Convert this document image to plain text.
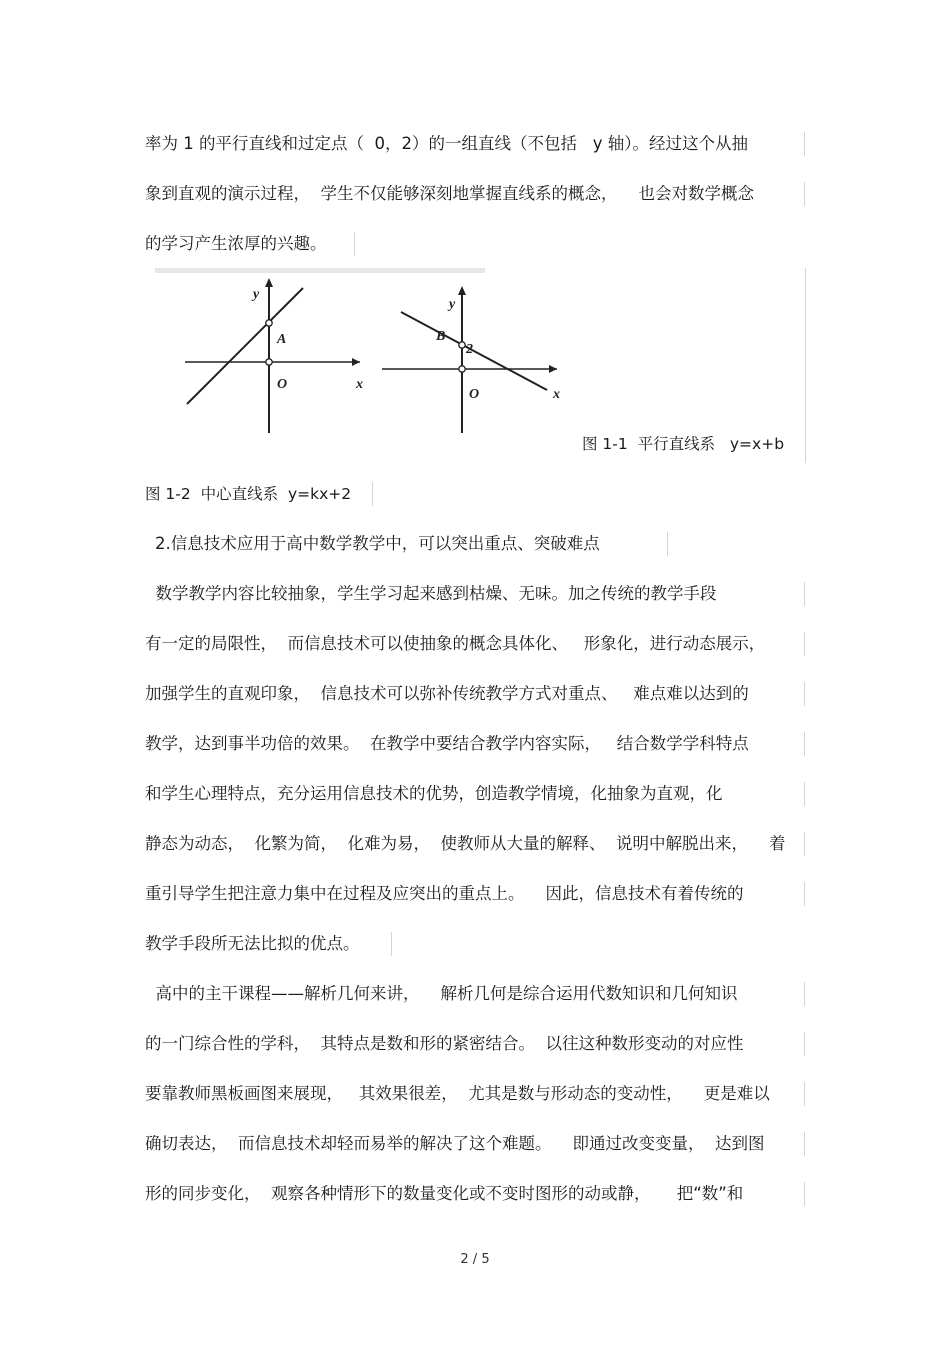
率为 1 的平行直线和过定点（  0，2）的一组直线（不包括   y 轴）。经过这个从抽
象到直观的演示过程，  学生不仅能够深刻地掌握直线系的概念，    也会对数学概念
的学习产生浓厚的兴趣。
y
A
O	x
y
B
2
O	x
图 1-1  平行直线系   y=x+b
图 1-2  中心直线系  y=kx+2
2.信息技术应用于高中数学教学中，可以突出重点、突破难点
数学教学内容比较抽象，学生学习起来感到枯燥、无味。加之传统的教学手段
有一定的局限性，  而信息技术可以使抽象的概念具体化、   形象化，进行动态展示，
加强学生的直观印象，  信息技术可以弥补传统教学方式对重点、   难点难以达到的
教学，达到事半功倍的效果。  在教学中要结合教学内容实际，   结合数学学科特点
和学生心理特点，充分运用信息技术的优势，创造教学情境，化抽象为直观，化
静态为动态，  化繁为简，  化难为易，  使教师从大量的解释、  说明中解脱出来，    着
重引导学生把注意力集中在过程及应突出的重点上。    因此，信息技术有着传统的
教学手段所无法比拟的优点。
高中的主干课程——解析几何来讲，    解析几何是综合运用代数知识和几何知识
的一门综合性的学科，  其特点是数和形的紧密结合。  以往这种数形变动的对应性
要靠教师黑板画图来展现，   其效果很差，  尤其是数与形动态的变动性，    更是难以
确切表达，  而信息技术却轻而易举的解决了这个难题。    即通过改变变量，  达到图
形的同步变化，  观察各种情形下的数量变化或不变时图形的动或静，     把“数”和
2 / 5
